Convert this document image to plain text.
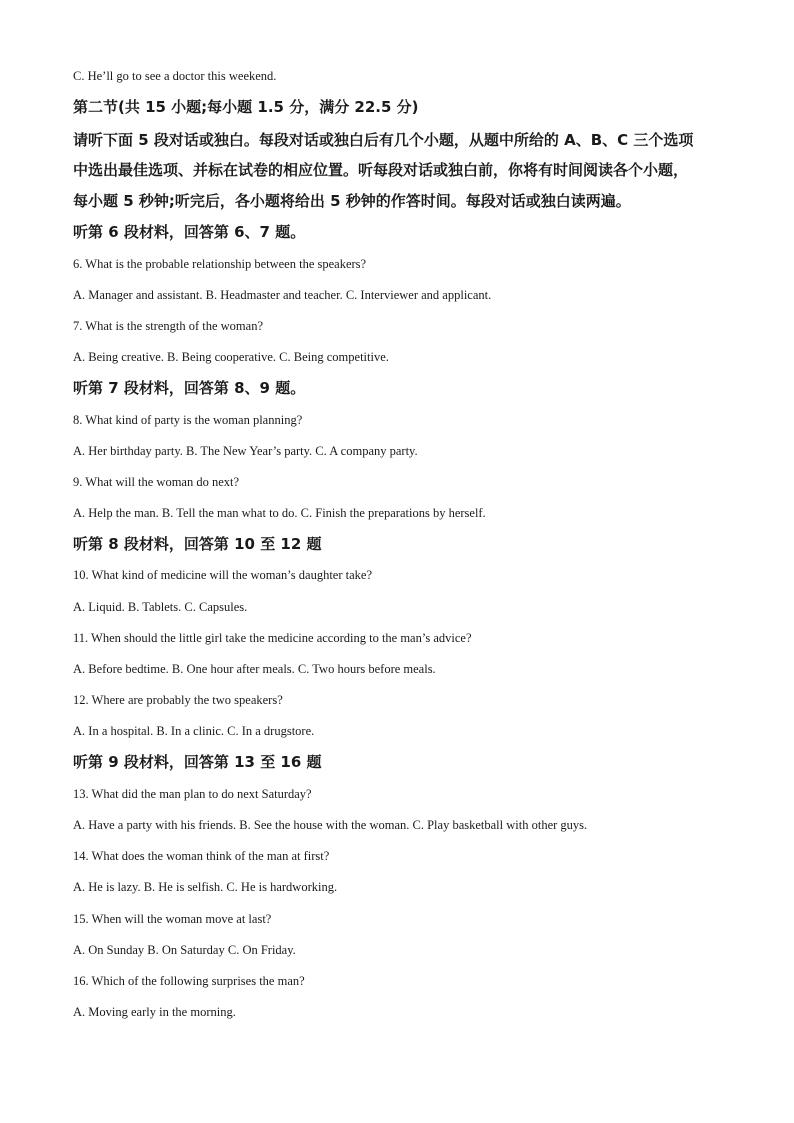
C. He’ll go to see a doctor this weekend.
第二节(共 15 小题;每小题 1.5 分，满分 22.5 分)
请听下面 5 段对话或独白。每段对话或独白后有几个小题，从题中所给的 A、B、C 三个选项
中选出最佳选项、并标在试卷的相应位置。听每段对话或独白前，你将有时间阅读各个小题，
每小题 5 秒钟;听完后，各小题将给出 5 秒钟的作答时间。每段对话或独白读两遍。
听第 6 段材料，回答第 6、7 题。
6. What is the probable relationship between the speakers?
A. Manager and assistant. B. Headmaster and teacher. C. Interviewer and applicant.
7. What is the strength of the woman?
A. Being creative. B. Being cooperative. C. Being competitive.
听第 7 段材料，回答第 8、9 题。
8. What kind of party is the woman planning?
A. Her birthday party. B. The New Year’s party. C. A company party.
9. What will the woman do next?
A. Help the man. B. Tell the man what to do. C. Finish the preparations by herself.
听第 8 段材料，回答第 10 至 12 题
10. What kind of medicine will the woman’s daughter take?
A. Liquid. B. Tablets. C. Capsules.
11. When should the little girl take the medicine according to the man’s advice?
A. Before bedtime. B. One hour after meals. C. Two hours before meals.
12. Where are probably the two speakers?
A. In a hospital. B. In a clinic. C. In a drugstore.
听第 9 段材料，回答第 13 至 16 题
13. What did the man plan to do next Saturday?
A. Have a party with his friends. B. See the house with the woman. C. Play basketball with other guys.
14. What does the woman think of the man at first?
A. He is lazy. B. He is selfish. C. He is hardworking.
15. When will the woman move at last?
A. On Sunday B. On Saturday C. On Friday.
16. Which of the following surprises the man?
A. Moving early in the morning.
